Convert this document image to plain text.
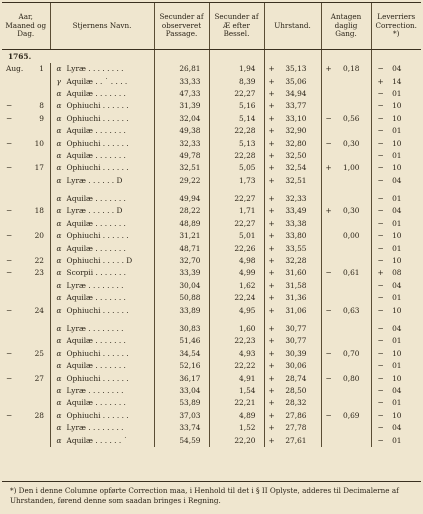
Aar, Maaned og Dag.	Stjernens Navn.	Secunder af observeret Passage.	Secunder af Æ efter Bessel.	Uhrstand.	Antagen daglig Gang.	Leverriers Correction. *)
1765.						
Aug. 1	α Lyræ . . . . . . . .	26,81	1,94	+ 35,13	+ 0,18	− 04
	γ Aquilæ . . ˙ . . . .	33,33	8,39	+ 35,06		+ 14
	α Aquilæ . . . . . . .	47,33	22,27	+ 34,94		− 01
− 8	α Ophiuchi . . . . . .	31,39	5,16	+ 33,77		− 10
− 9	α Ophiuchi . . . . . .	32,04	5,14	+ 33,10	− 0,56	− 10
	α Aquilæ . . . . . . .	49,38	22,28	+ 32,90		− 01
− 10	α Ophiuchi . . . . . .	32,33	5,13	+ 32,80	− 0,30	− 10
	α Aquilæ . . . . . . .	49,78	22,28	+ 32,50		− 01
− 17	α Ophiuchi . . . . . .	32,51	5,05	+ 32,54	+ 1,00	− 10
	α Lyræ . . . . . . D	29,22	1,73	+ 32,51		− 04

	α Aquilæ . . . . . . .	49,94	22,27	+ 32,33		− 01
− 18	α Lyræ . . . . . . D	28,22	1,71	+ 33,49	+ 0,30	− 04
	α Aquilæ . . . . . . .	48,89	22,27	+ 33,38		− 01
− 20	α Ophiuchi . . . . . .	31,21	5,01	+ 33,80	0,00	− 10
	α Aquilæ . . . . . . .	48,71	22,26	+ 33,55		− 01
− 22	α Ophiuchi . . . . . D	32,70	4,98	+ 32,28		− 10
− 23	α Scorpii . . . . . . .	33,39	4,99	+ 31,60	− 0,61	+ 08
	α Lyræ . . . . . . . .	30,04	1,62	+ 31,58		− 04
	α Aquilæ . . . . . . .	50,88	22,24	+ 31,36		− 01
− 24	α Ophiuchi . . . . . .	33,89	4,95	+ 31,06	− 0,63	− 10

	α Lyræ . . . . . . . .	30,83	1,60	+ 30,77		− 04
	α Aquilæ . . . . . . .	51,46	22,23	+ 30,77		− 01
− 25	α Ophiuchi . . . . . .	34,54	4,93	+ 30,39	− 0,70	− 10
	α Aquilæ . . . . . . .	52,16	22,22	+ 30,06		− 01
− 27	α Ophiuchi . . . . . .	36,17	4,91	+ 28,74	− 0,80	− 10
	α Lyræ . . . . . . . .	33,04	1,54	+ 28,50		− 04
	α Aquilæ . . . . . . .	53,89	22,21	+ 28,32		− 01
− 28	α Ophiuchi . . . . . .	37,03	4,89	+ 27,86	− 0,69	− 10
	α Lyræ . . . . . . . .	33,74	1,52	+ 27,78		− 04
	α Aquilæ . . . . . . ˙	54,59	22,20	+ 27,61		− 01
*) Den i denne Columne opførte Correction maa, i Henhold til det i § II Oplyste, adderes til Decimalerne af Uhrstanden, førend denne som saadan bringes i Regning.
